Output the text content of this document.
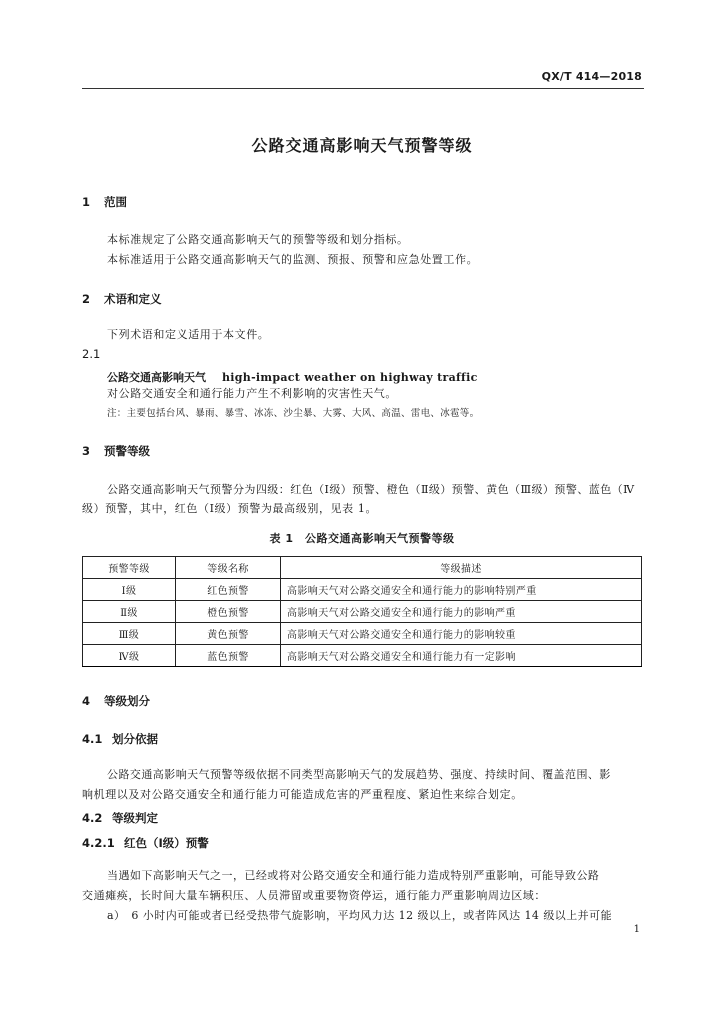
QX/T 414—2018
公路交通高影响天气预警等级
1 范围
本标准规定了公路交通高影响天气的预警等级和划分指标。
本标准适用于公路交通高影响天气的监测、预报、预警和应急处置工作。
2 术语和定义
下列术语和定义适用于本文件。
2.1
公路交通高影响天气 high-impact weather on highway traffic
对公路交通安全和通行能力产生不利影响的灾害性天气。
注：主要包括台风、暴雨、暴雪、冰冻、沙尘暴、大雾、大风、高温、雷电、冰雹等。
3 预警等级
公路交通高影响天气预警分为四级：红色（Ⅰ级）预警、橙色（Ⅱ级）预警、黄色（Ⅲ级）预警、蓝色（Ⅳ
级）预警，其中，红色（Ⅰ级）预警为最高级别，见表 1。
表 1　公路交通高影响天气预警等级
预警等级	等级名称	等级描述
Ⅰ级	红色预警	高影响天气对公路交通安全和通行能力的影响特别严重
Ⅱ级	橙色预警	高影响天气对公路交通安全和通行能力的影响严重
Ⅲ级	黄色预警	高影响天气对公路交通安全和通行能力的影响较重
Ⅳ级	蓝色预警	高影响天气对公路交通安全和通行能力有一定影响
4 等级划分
4.1 划分依据
公路交通高影响天气预警等级依据不同类型高影响天气的发展趋势、强度、持续时间、覆盖范围、影
响机理以及对公路交通安全和通行能力可能造成危害的严重程度、紧迫性来综合划定。
4.2 等级判定
4.2.1 红色（Ⅰ级）预警
当遇如下高影响天气之一，已经或将对公路交通安全和通行能力造成特别严重影响，可能导致公路
交通瘫痪，长时间大量车辆积压、人员滞留或重要物资停运，通行能力严重影响周边区域：
a）　6 小时内可能或者已经受热带气旋影响，平均风力达 12 级以上，或者阵风达 14 级以上并可能
1
